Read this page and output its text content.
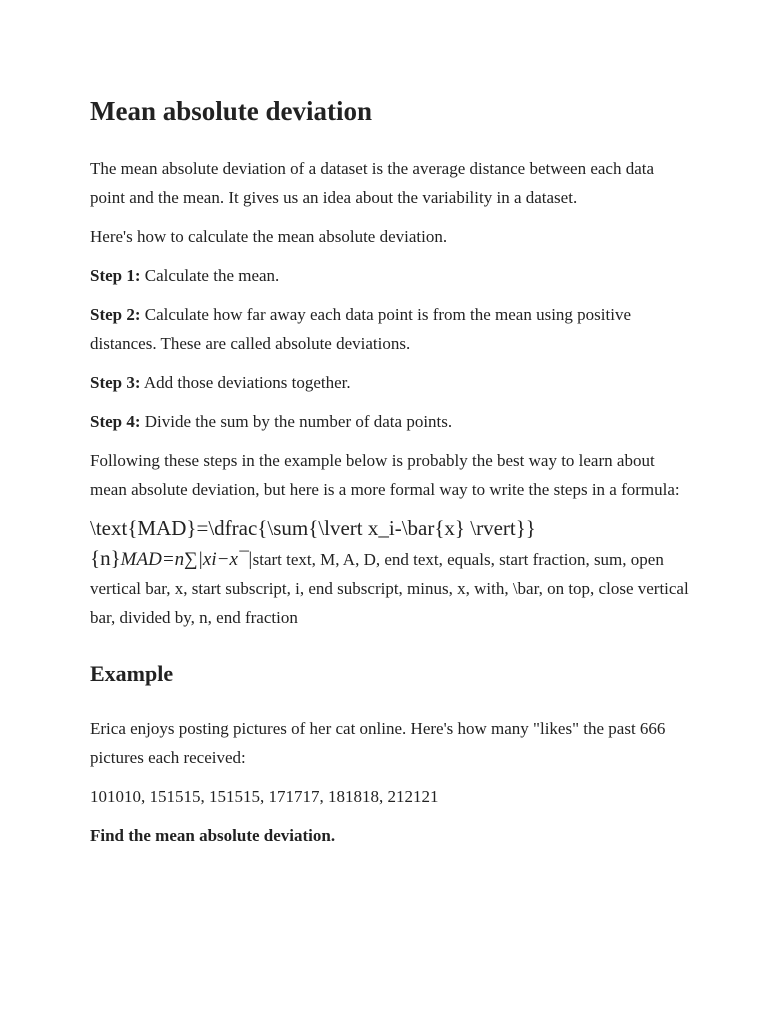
Mean absolute deviation

The mean absolute deviation of a dataset is the average distance between each data point and the mean. It gives us an idea about the variability in a dataset.

Here's how to calculate the mean absolute deviation.

Step 1: Calculate the mean.

Step 2: Calculate how far away each data point is from the mean using positive distances. These are called absolute deviations.

Step 3: Add those deviations together.

Step 4: Divide the sum by the number of data points.

Following these steps in the example below is probably the best way to learn about mean absolute deviation, but here is a more formal way to write the steps in a formula:

\text{MAD}=\dfrac{\sum{\lvert x_i-\bar{x} \rvert}}
{n}MAD=n∑|xi−x¯|start text, M, A, D, end text, equals, start fraction, sum, open vertical bar, x, start subscript, i, end subscript, minus, x, with, \bar, on top, close vertical bar, divided by, n, end fraction
Example

Erica enjoys posting pictures of her cat online. Here's how many "likes" the past 666 pictures each received:

101010, 151515, 151515, 171717, 181818, 212121

Find the mean absolute deviation.
